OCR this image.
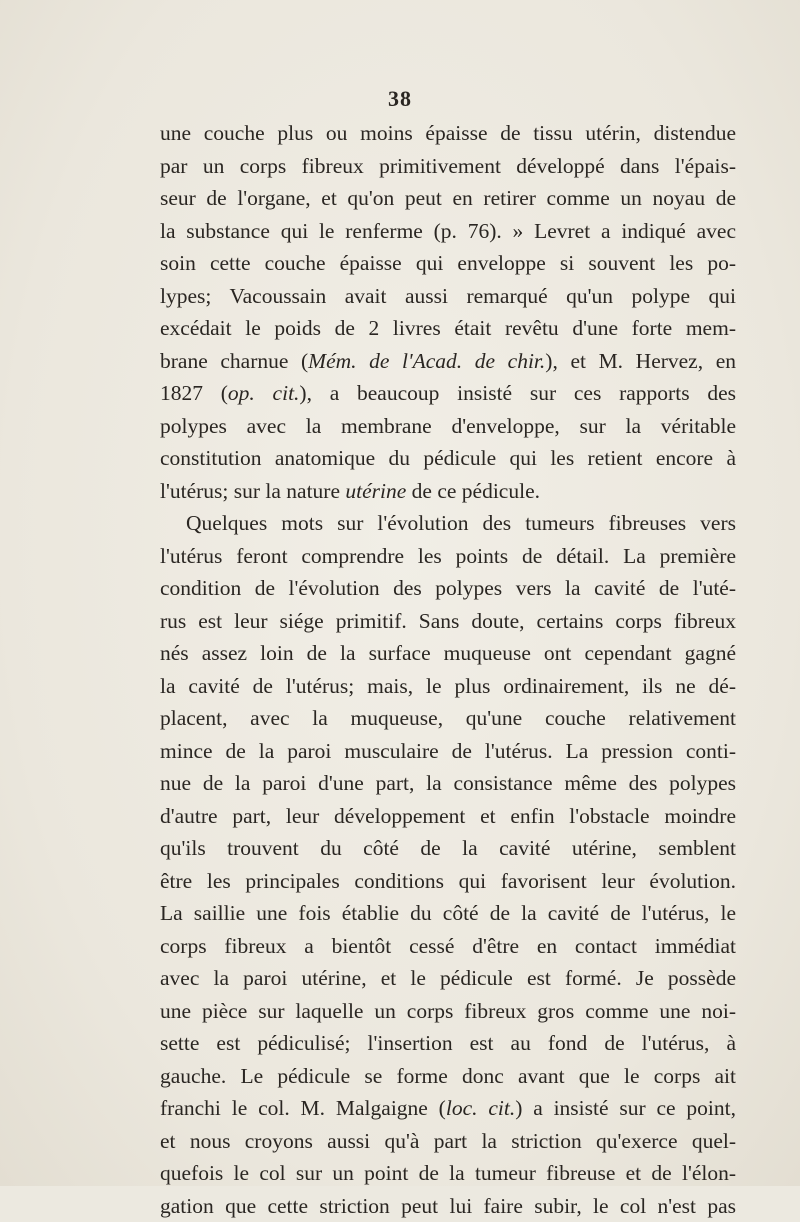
38
une couche plus ou moins épaisse de tissu utérin, distendue
par un corps fibreux primitivement développé dans l'épais-
seur de l'organe, et qu'on peut en retirer comme un noyau de
la substance qui le renferme (p. 76). » Levret a indiqué avec
soin cette couche épaisse qui enveloppe si souvent les po-
lypes; Vacoussain avait aussi remarqué qu'un polype qui
excédait le poids de 2 livres était revêtu d'une forte mem-
brane charnue (Mém. de l'Acad. de chir.), et M. Hervez, en
1827 (op. cit.), a beaucoup insisté sur ces rapports des
polypes avec la membrane d'enveloppe, sur la véritable
constitution anatomique du pédicule qui les retient encore à
l'utérus; sur la nature utérine de ce pédicule.
Quelques mots sur l'évolution des tumeurs fibreuses vers
l'utérus feront comprendre les points de détail. La première
condition de l'évolution des polypes vers la cavité de l'uté-
rus est leur siége primitif. Sans doute, certains corps fibreux
nés assez loin de la surface muqueuse ont cependant gagné
la cavité de l'utérus; mais, le plus ordinairement, ils ne dé-
placent, avec la muqueuse, qu'une couche relativement
mince de la paroi musculaire de l'utérus. La pression conti-
nue de la paroi d'une part, la consistance même des polypes
d'autre part, leur développement et enfin l'obstacle moindre
qu'ils trouvent du côté de la cavité utérine, semblent
être les principales conditions qui favorisent leur évolution.
La saillie une fois établie du côté de la cavité de l'utérus, le
corps fibreux a bientôt cessé d'être en contact immédiat
avec la paroi utérine, et le pédicule est formé. Je possède
une pièce sur laquelle un corps fibreux gros comme une noi-
sette est pédiculisé; l'insertion est au fond de l'utérus, à
gauche. Le pédicule se forme donc avant que le corps ait
franchi le col. M. Malgaigne (loc. cit.) a insisté sur ce point,
et nous croyons aussi qu'à part la striction qu'exerce quel-
quefois le col sur un point de la tumeur fibreuse et de l'élon-
gation que cette striction peut lui faire subir, le col n'est pas
